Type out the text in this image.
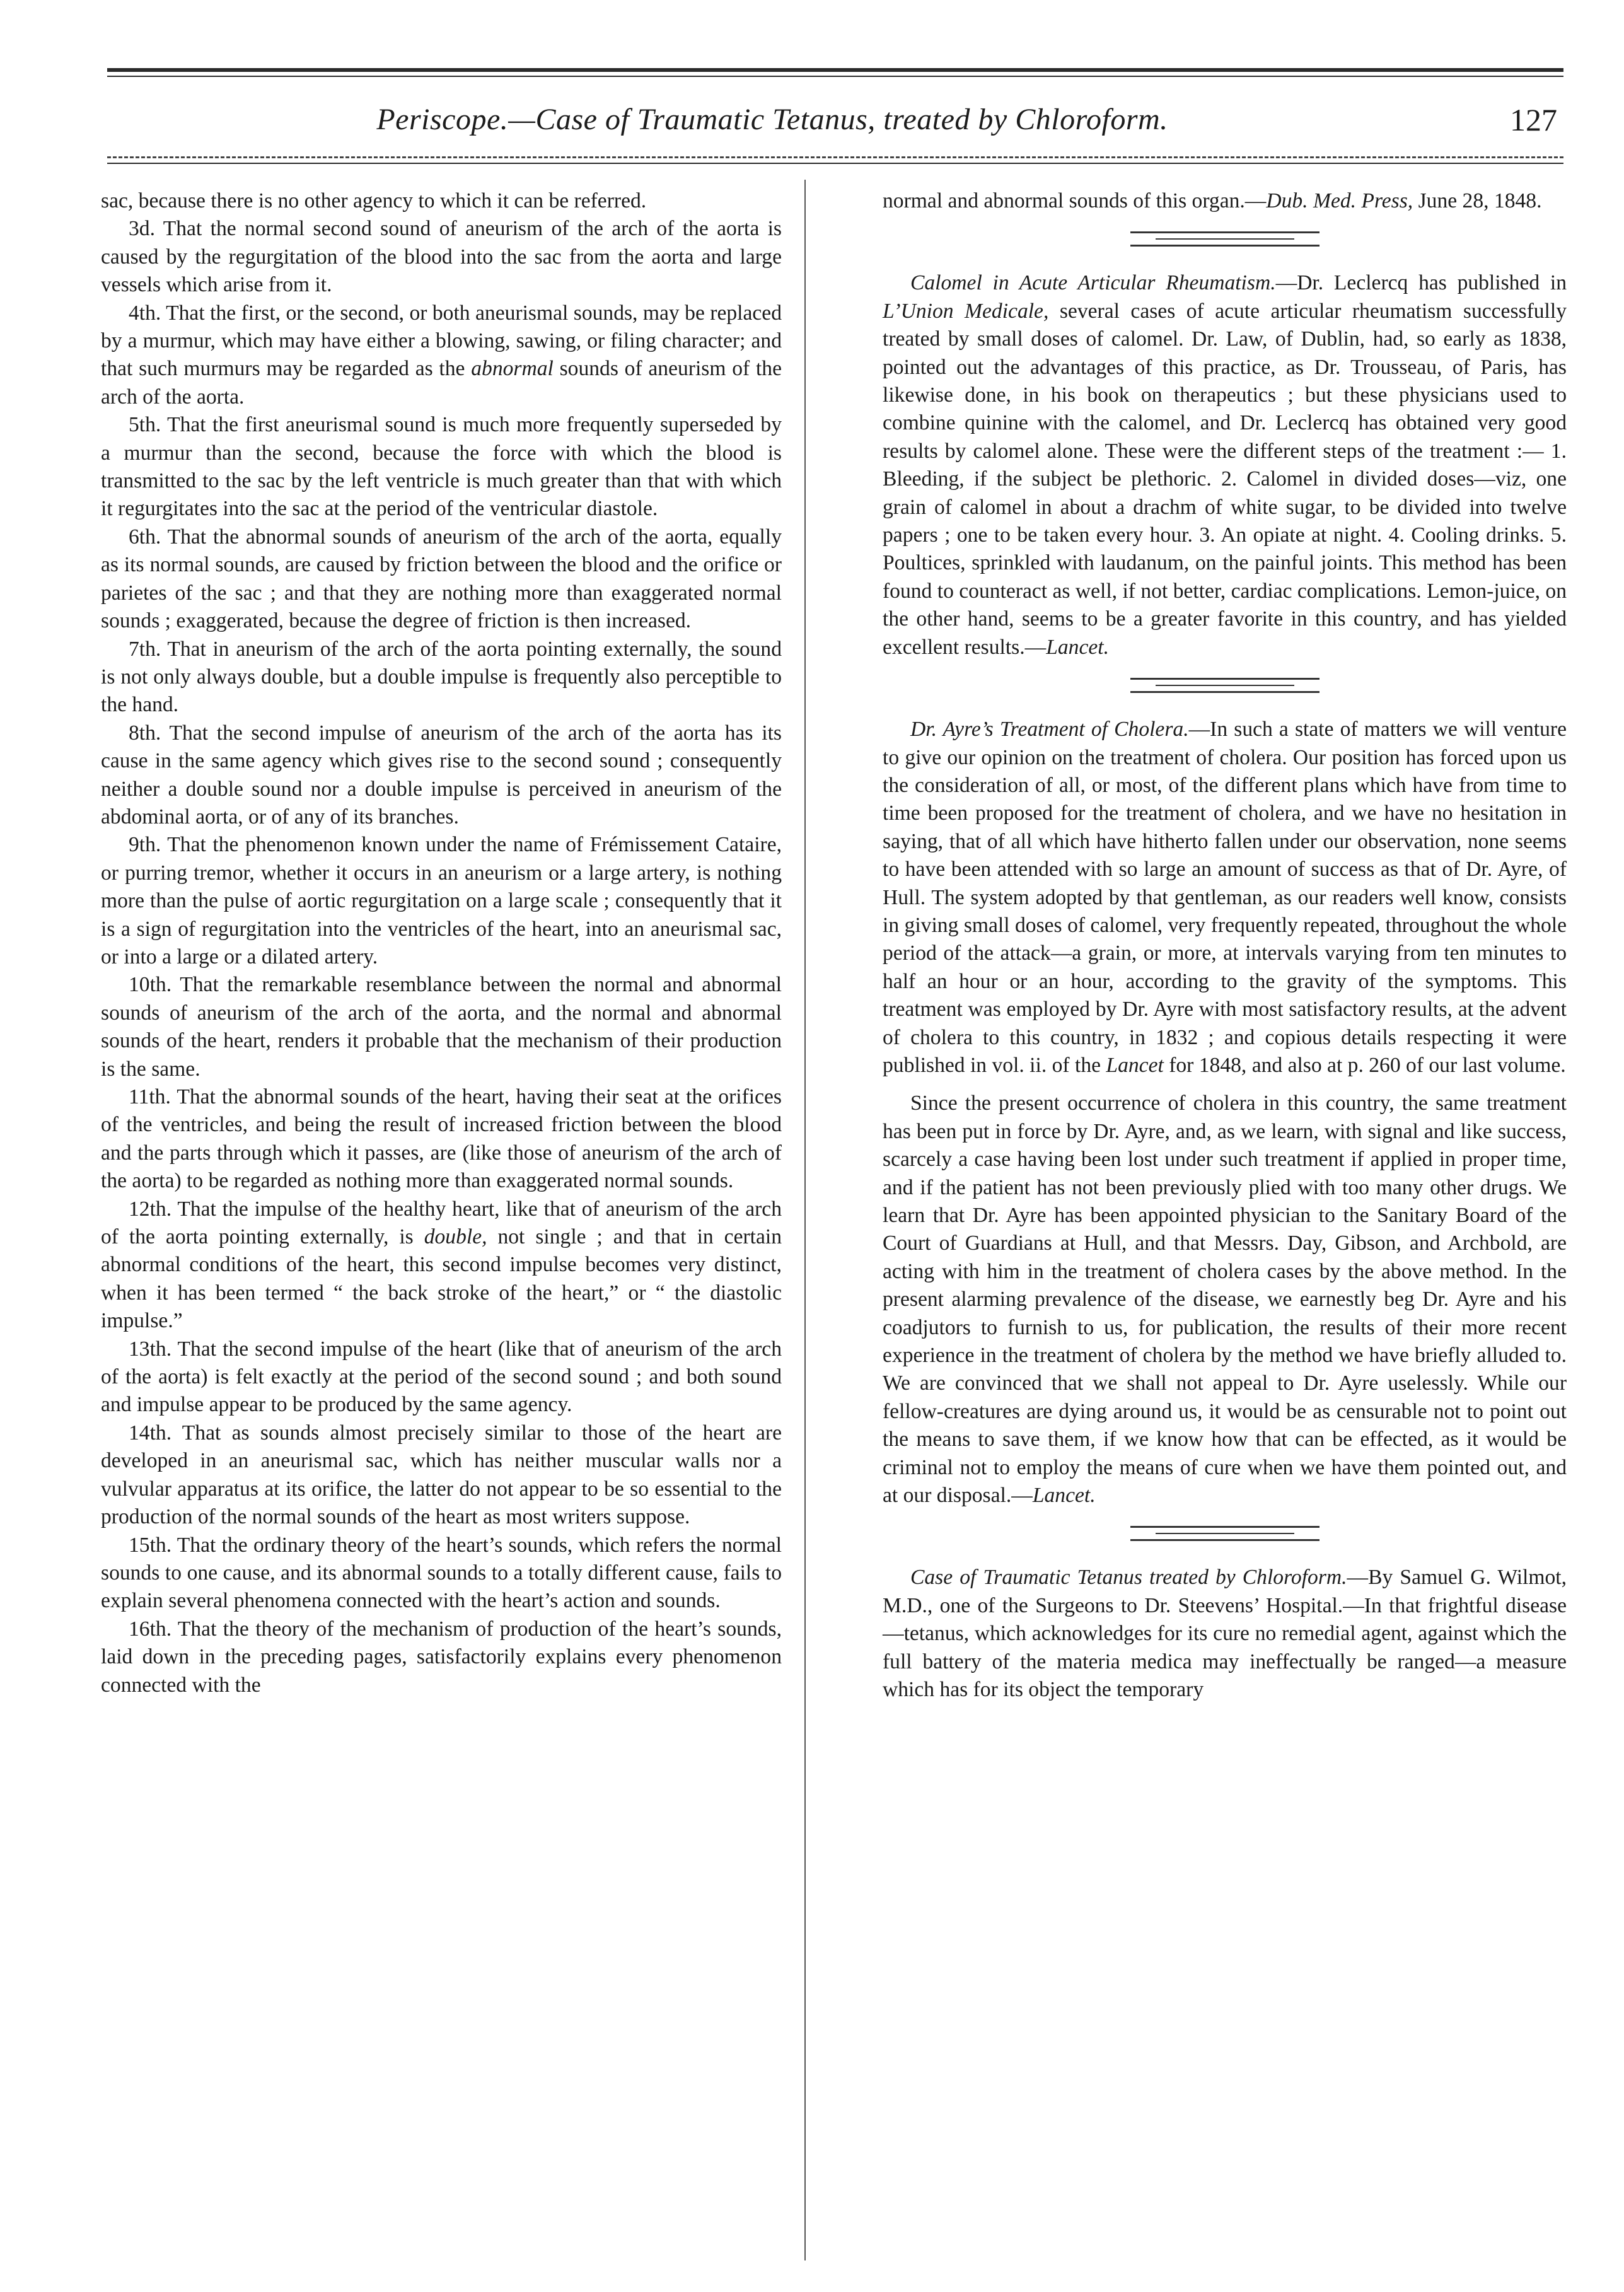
Periscope.—Case of Traumatic Tetanus, treated by Chloroform.	127

sac, because there is no other agency to which it can be referred.

3d. That the normal second sound of aneurism of the arch of the aorta is caused by the regurgitation of the blood into the sac from the aorta and large vessels which arise from it.

4th. That the first, or the second, or both aneurismal sounds, may be replaced by a murmur, which may have either a blowing, sawing, or filing character; and that such murmurs may be regarded as the abnormal sounds of aneurism of the arch of the aorta.

5th. That the first aneurismal sound is much more frequently superseded by a murmur than the second, because the force with which the blood is transmitted to the sac by the left ventricle is much greater than that with which it regurgitates into the sac at the period of the ventricular diastole.

6th. That the abnormal sounds of aneurism of the arch of the aorta, equally as its normal sounds, are caused by friction between the blood and the orifice or parietes of the sac ; and that they are nothing more than exaggerated normal sounds ; exaggerated, because the degree of friction is then increased.

7th. That in aneurism of the arch of the aorta pointing externally, the sound is not only always double, but a double impulse is frequently also perceptible to the hand.

8th. That the second impulse of aneurism of the arch of the aorta has its cause in the same agency which gives rise to the second sound ; consequently neither a double sound nor a double impulse is perceived in aneurism of the abdominal aorta, or of any of its branches.

9th. That the phenomenon known under the name of Frémissement Cataire, or purring tremor, whether it occurs in an aneurism or a large artery, is nothing more than the pulse of aortic regurgitation on a large scale ; consequently that it is a sign of regurgitation into the ventricles of the heart, into an aneurismal sac, or into a large or a dilated artery.

10th. That the remarkable resemblance between the normal and abnormal sounds of aneurism of the arch of the aorta, and the normal and abnormal sounds of the heart, renders it probable that the mechanism of their production is the same.

11th. That the abnormal sounds of the heart, having their seat at the orifices of the ventricles, and being the result of increased friction between the blood and the parts through which it passes, are (like those of aneurism of the arch of the aorta) to be regarded as nothing more than exaggerated normal sounds.

12th. That the impulse of the healthy heart, like that of aneurism of the arch of the aorta pointing externally, is double, not single ; and that in certain abnormal conditions of the heart, this second impulse becomes very distinct, when it has been termed “ the back stroke of the heart,” or “ the diastolic impulse.”

13th. That the second impulse of the heart (like that of aneurism of the arch of the aorta) is felt exactly at the period of the second sound ; and both sound and impulse appear to be produced by the same agency.

14th. That as sounds almost precisely similar to those of the heart are developed in an aneurismal sac, which has neither muscular walls nor a vulvular apparatus at its orifice, the latter do not appear to be so essential to the production of the normal sounds of the heart as most writers suppose.

15th. That the ordinary theory of the heart’s sounds, which refers the normal sounds to one cause, and its abnormal sounds to a totally different cause, fails to explain several phenomena connected with the heart’s action and sounds.

16th. That the theory of the mechanism of production of the heart’s sounds, laid down in the preceding pages, satisfactorily explains every phenomenon connected with the

normal and abnormal sounds of this organ.—Dub. Med. Press, June 28, 1848.

Calomel in Acute Articular Rheumatism.—Dr. Leclercq has published in L’Union Medicale, several cases of acute articular rheumatism successfully treated by small doses of calomel. Dr. Law, of Dublin, had, so early as 1838, pointed out the advantages of this practice, as Dr. Trousseau, of Paris, has likewise done, in his book on therapeutics ; but these physicians used to combine quinine with the calomel, and Dr. Leclercq has obtained very good results by calomel alone. These were the different steps of the treatment :— 1. Bleeding, if the subject be plethoric. 2. Calomel in divided doses—viz, one grain of calomel in about a drachm of white sugar, to be divided into twelve papers ; one to be taken every hour. 3. An opiate at night. 4. Cooling drinks. 5. Poultices, sprinkled with laudanum, on the painful joints. This method has been found to counteract as well, if not better, cardiac complications. Lemon-juice, on the other hand, seems to be a greater favorite in this country, and has yielded excellent results.—Lancet.

Dr. Ayre’s Treatment of Cholera.—In such a state of matters we will venture to give our opinion on the treatment of cholera. Our position has forced upon us the consideration of all, or most, of the different plans which have from time to time been proposed for the treatment of cholera, and we have no hesitation in saying, that of all which have hitherto fallen under our observation, none seems to have been attended with so large an amount of success as that of Dr. Ayre, of Hull. The system adopted by that gentleman, as our readers well know, consists in giving small doses of calomel, very frequently repeated, throughout the whole period of the attack—a grain, or more, at intervals varying from ten minutes to half an hour or an hour, according to the gravity of the symptoms. This treatment was employed by Dr. Ayre with most satisfactory results, at the advent of cholera to this country, in 1832 ; and copious details respecting it were published in vol. ii. of the Lancet for 1848, and also at p. 260 of our last volume.

Since the present occurrence of cholera in this country, the same treatment has been put in force by Dr. Ayre, and, as we learn, with signal and like success, scarcely a case having been lost under such treatment if applied in proper time, and if the patient has not been previously plied with too many other drugs. We learn that Dr. Ayre has been appointed physician to the Sanitary Board of the Court of Guardians at Hull, and that Messrs. Day, Gibson, and Archbold, are acting with him in the treatment of cholera cases by the above method. In the present alarming prevalence of the disease, we earnestly beg Dr. Ayre and his coadjutors to furnish to us, for publication, the results of their more recent experience in the treatment of cholera by the method we have briefly alluded to. We are convinced that we shall not appeal to Dr. Ayre uselessly. While our fellow-creatures are dying around us, it would be as censurable not to point out the means to save them, if we know how that can be effected, as it would be criminal not to employ the means of cure when we have them pointed out, and at our disposal.—Lancet.

Case of Traumatic Tetanus treated by Chloroform.—By Samuel G. Wilmot, M.D., one of the Surgeons to Dr. Steevens’ Hospital.—In that frightful disease—tetanus, which acknowledges for its cure no remedial agent, against which the full battery of the materia medica may ineffectually be ranged—a measure which has for its object the temporary
